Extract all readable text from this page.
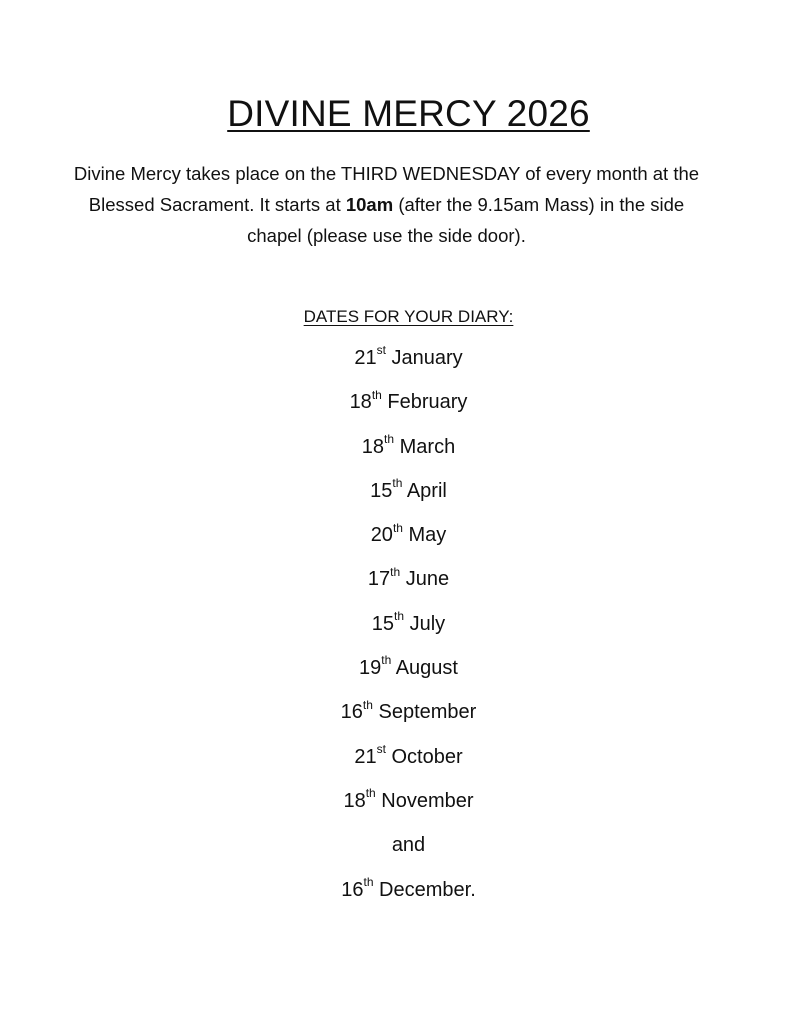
DIVINE MERCY 2026

Divine Mercy takes place on the THIRD WEDNESDAY of every month at the Blessed Sacrament. It starts at 10am (after the 9.15am Mass) in the side chapel (please use the side door).

DATES FOR YOUR DIARY:
21st January
18th February
18th March
15th April
20th May
17th June
15th July
19th August
16th September
21st October
18th November
and
16th December.
